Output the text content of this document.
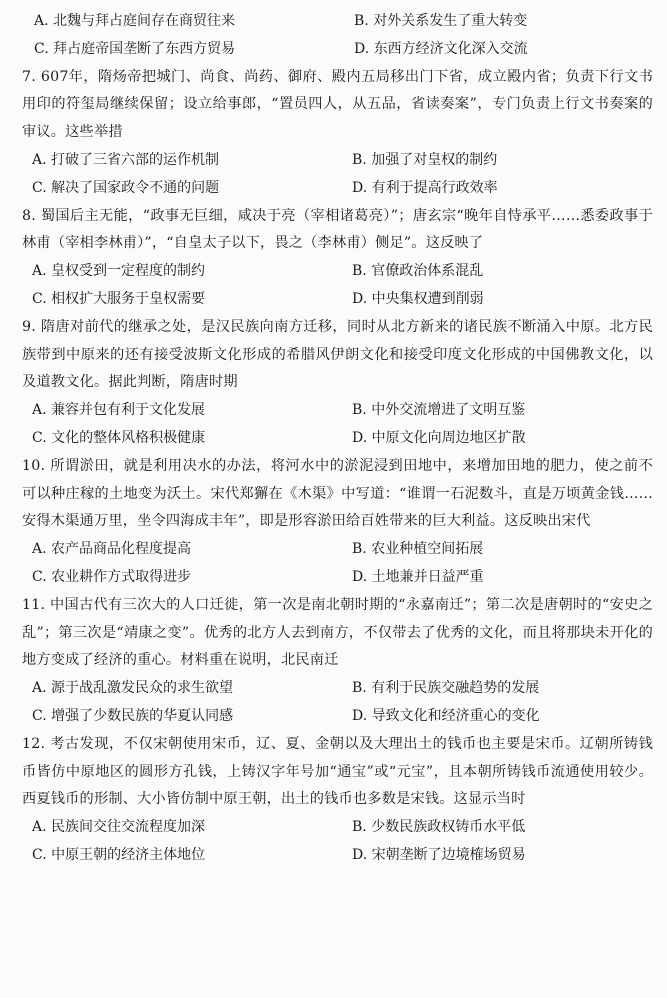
A. 北魏与拜占庭间存在商贸往来	B. 对外关系发生了重大转变
C. 拜占庭帝国垄断了东西方贸易	D. 东西方经济文化深入交流

7. 607年，隋炀帝把城门、尚食、尚药、御府、殿内五局移出门下省，成立殿内省；负责下行文书用印的符玺局继续保留；设立给事郎，“置员四人，从五品，省读奏案”，专门负责上行文书奏案的审议。这些举措

A. 打破了三省六部的运作机制	B. 加强了对皇权的制约
C. 解决了国家政令不通的问题	D. 有利于提高行政效率

8. 蜀国后主无能，“政事无巨细，咸决于亮（宰相诸葛亮）”；唐玄宗“晚年自恃承平……悉委政事于林甫（宰相李林甫）”，“自皇太子以下，畏之（李林甫）侧足”。这反映了

A. 皇权受到一定程度的制约	B. 官僚政治体系混乱
C. 相权扩大服务于皇权需要	D. 中央集权遭到削弱

9. 隋唐对前代的继承之处，是汉民族向南方迁移，同时从北方新来的诸民族不断涌入中原。北方民族带到中原来的还有接受波斯文化形成的希腊风伊朗文化和接受印度文化形成的中国佛教文化，以及道教文化。据此判断，隋唐时期

A. 兼容并包有利于文化发展	B. 中外交流增进了文明互鉴
C. 文化的整体风格积极健康	D. 中原文化向周边地区扩散

10. 所谓淤田，就是利用决水的办法，将河水中的淤泥浸到田地中，来增加田地的肥力，使之前不可以种庄稼的土地变为沃土。宋代郑獬在《木渠》中写道：“谁谓一石泥数斗，直是万顷黄金钱……安得木渠通万里，坐令四海成丰年”，即是形容淤田给百姓带来的巨大利益。这反映出宋代

A. 农产品商品化程度提高	B. 农业种植空间拓展
C. 农业耕作方式取得进步	D. 土地兼并日益严重

11. 中国古代有三次大的人口迁徙，第一次是南北朝时期的“永嘉南迁”；第二次是唐朝时的“安史之乱”；第三次是“靖康之变”。优秀的北方人去到南方，不仅带去了优秀的文化，而且将那块未开化的地方变成了经济的重心。材料重在说明，北民南迁

A. 源于战乱激发民众的求生欲望	B. 有利于民族交融趋势的发展
C. 增强了少数民族的华夏认同感	D. 导致文化和经济重心的变化

12. 考古发现，不仅宋朝使用宋币，辽、夏、金朝以及大理出土的钱币也主要是宋币。辽朝所铸钱币皆仿中原地区的圆形方孔钱，上铸汉字年号加“通宝”或“元宝”，且本朝所铸钱币流通使用较少。西夏钱币的形制、大小皆仿制中原王朝，出土的钱币也多数是宋钱。这显示当时

A. 民族间交往交流程度加深	B. 少数民族政权铸币水平低
C. 中原王朝的经济主体地位	D. 宋朝垄断了边境榷场贸易
